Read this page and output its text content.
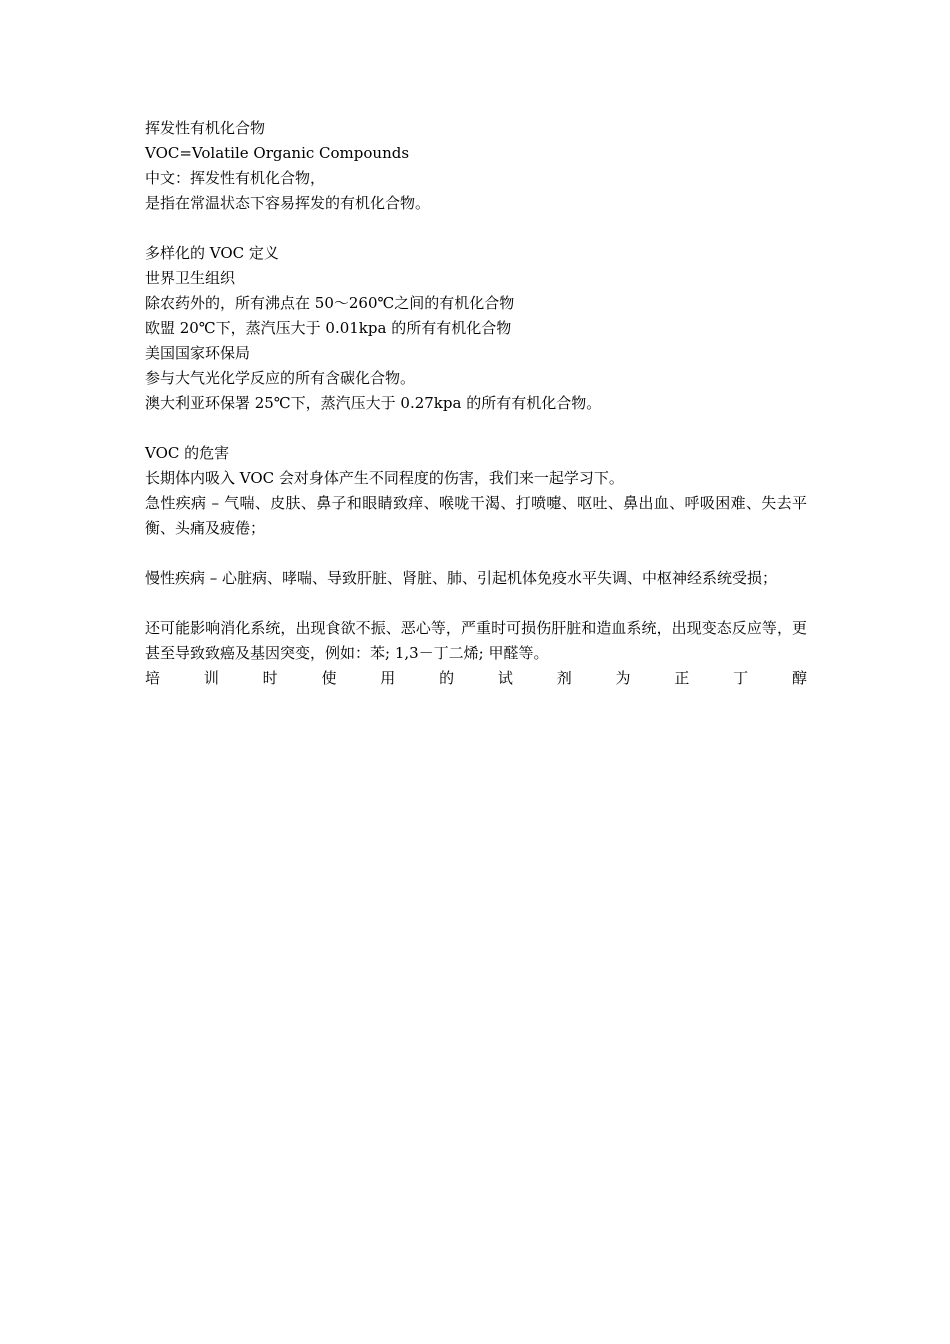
挥发性有机化合物
VOC=Volatile Organic Compounds
中文：挥发性有机化合物，
是指在常温状态下容易挥发的有机化合物。
多样化的 VOC 定义
世界卫生组织
除农药外的，所有沸点在 50～260℃之间的有机化合物
欧盟 20℃下，蒸汽压大于 0.01kpa 的所有有机化合物
美国国家环保局
参与大气光化学反应的所有含碳化合物。
澳大利亚环保署 25℃下，蒸汽压大于 0.27kpa 的所有有机化合物。
VOC 的危害
长期体内吸入 VOC 会对身体产生不同程度的伤害，我们来一起学习下。
急性疾病 – 气喘、皮肤、鼻子和眼睛致痒、喉咙干渴、打喷嚏、呕吐、鼻出血、呼吸困难、失去平衡、头痛及疲倦；
慢性疾病 – 心脏病、哮喘、导致肝脏、肾脏、肺、引起机体免疫水平失调、中枢神经系统受损；
还可能影响消化系统，出现食欲不振、恶心等，严重时可损伤肝脏和造血系统，出现变态反应等，更甚至导致致癌及基因突变，例如：苯; 1,3－丁二烯; 甲醛等。
培	训	时	使	用	的	试	剂	为	正	丁	醇
